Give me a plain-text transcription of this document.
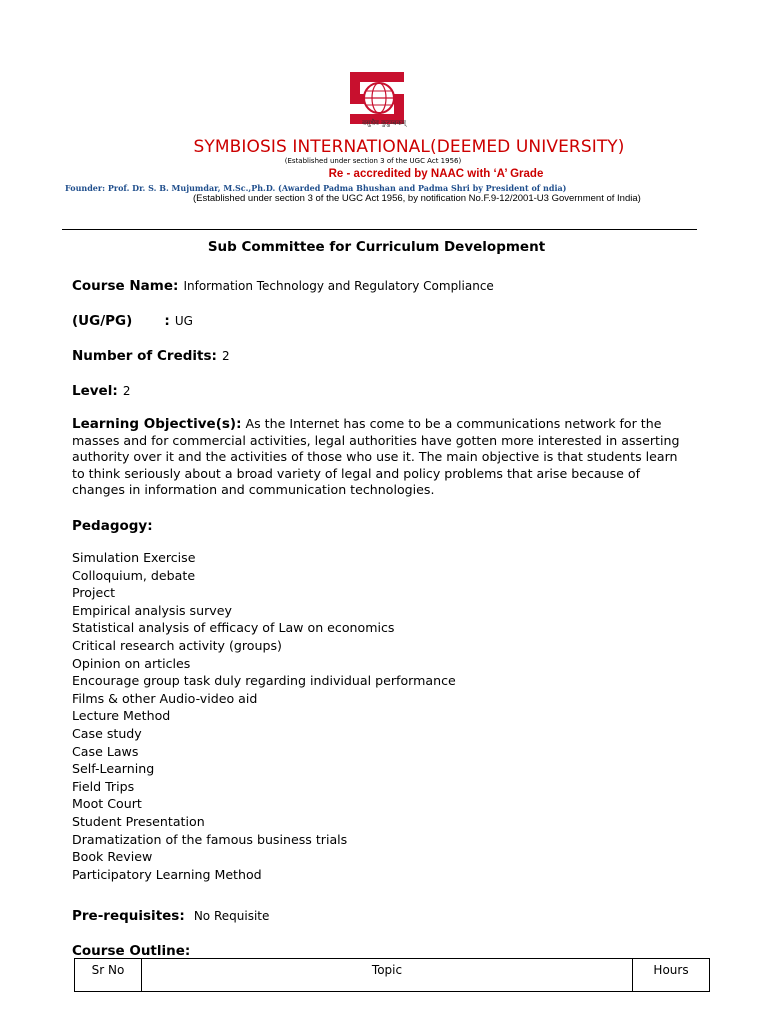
वसुधैव कुटुम्बकम्
SYMBIOSIS INTERNATIONAL(DEEMED UNIVERSITY)
(Established under section 3 of the UGC Act 1956)
Re - accredited by NAAC with ‘A’ Grade
Founder: Prof. Dr. S. B. Mujumdar, M.Sc.,Ph.D. (Awarded Padma Bhushan and Padma Shri by President of ndia)
(Established under section 3 of the UGC Act 1956, by notification No.F.9-12/2001-U3 Government of India)
Sub Committee for Curriculum Development
Course Name: Information Technology and Regulatory Compliance
(UG/PG) : UG
Number of Credits: 2
Level: 2
Learning Objective(s): As the Internet has come to be a communications network for the masses and for commercial activities, legal authorities have gotten more interested in asserting authority over it and the activities of those who use it. The main objective is that students learn to think seriously about a broad variety of legal and policy problems that arise because of changes in information and communication technologies.
Pedagogy:
Simulation Exercise
Colloquium, debate
Project
Empirical analysis survey
Statistical analysis of efficacy of Law on economics
Critical research activity (groups)
Opinion on articles
Encourage group task duly regarding individual performance
Films & other Audio-video aid
Lecture Method
Case study
Case Laws
Self-Learning
Field Trips
Moot Court
Student Presentation
Dramatization of the famous business trials
Book Review
Participatory Learning Method
Pre-requisites: No Requisite
Course Outline:
Sr No	Topic	Hours
